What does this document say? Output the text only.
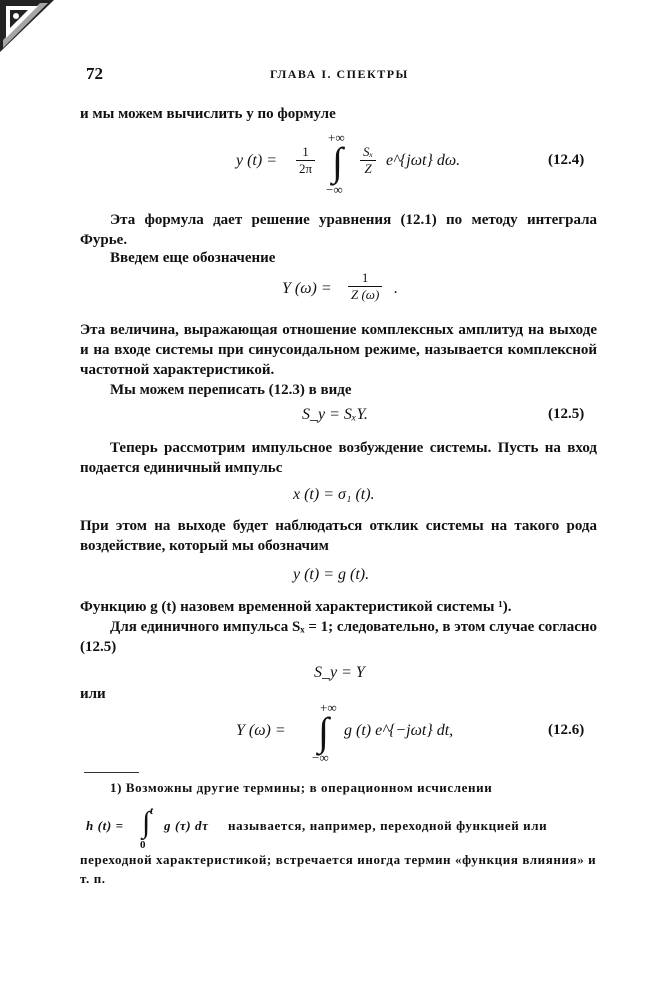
72	ГЛАВА I. СПЕКТРЫ
и мы можем вычислить y по формуле
y $(t) = \frac{1}{2\pi}$
+∞
∫
−∞
$\frac{\text{Sₓ}}{Z}$ e^{jωt} dω.	(12.4)
Эта формула дает решение уравнения (12.1) по методу интеграла Фурье.
Введем еще обозначение
Y $(\omega) = \frac{1}{Z (\omega)}$ .
Эта величина, выражающая отношение комплексных амплитуд на выходе и на входе системы при синусоидальном режиме, называется комплексной частотной характеристикой.
Мы можем переписать (12.3) в виде
S_y = SₓY.	(12.5)
Теперь рассмотрим импульсное возбуждение системы. Пусть на вход подается единичный импульс
x (t) = σ₁ (t).
При этом на выходе будет наблюдаться отклик системы на такого рода воздействие, который мы обозначим
y (t) = g (t).
Функцию g (t) назовем временной характеристикой системы ¹).
Для единичного импульса Sₓ = 1; следовательно, в этом случае согласно (12.5)
S_y = Y
или
Y (ω) =
+∞
∫
−∞
g (t) e^{−jωt} dt,	(12.6)
1) Возможны другие термины; в операционном исчислении
h (t) =
t
∫
0
g (τ) dτ называется, например, переходной функцией или
переходной характеристикой; встречается иногда термин «функция влияния» и т. п.
